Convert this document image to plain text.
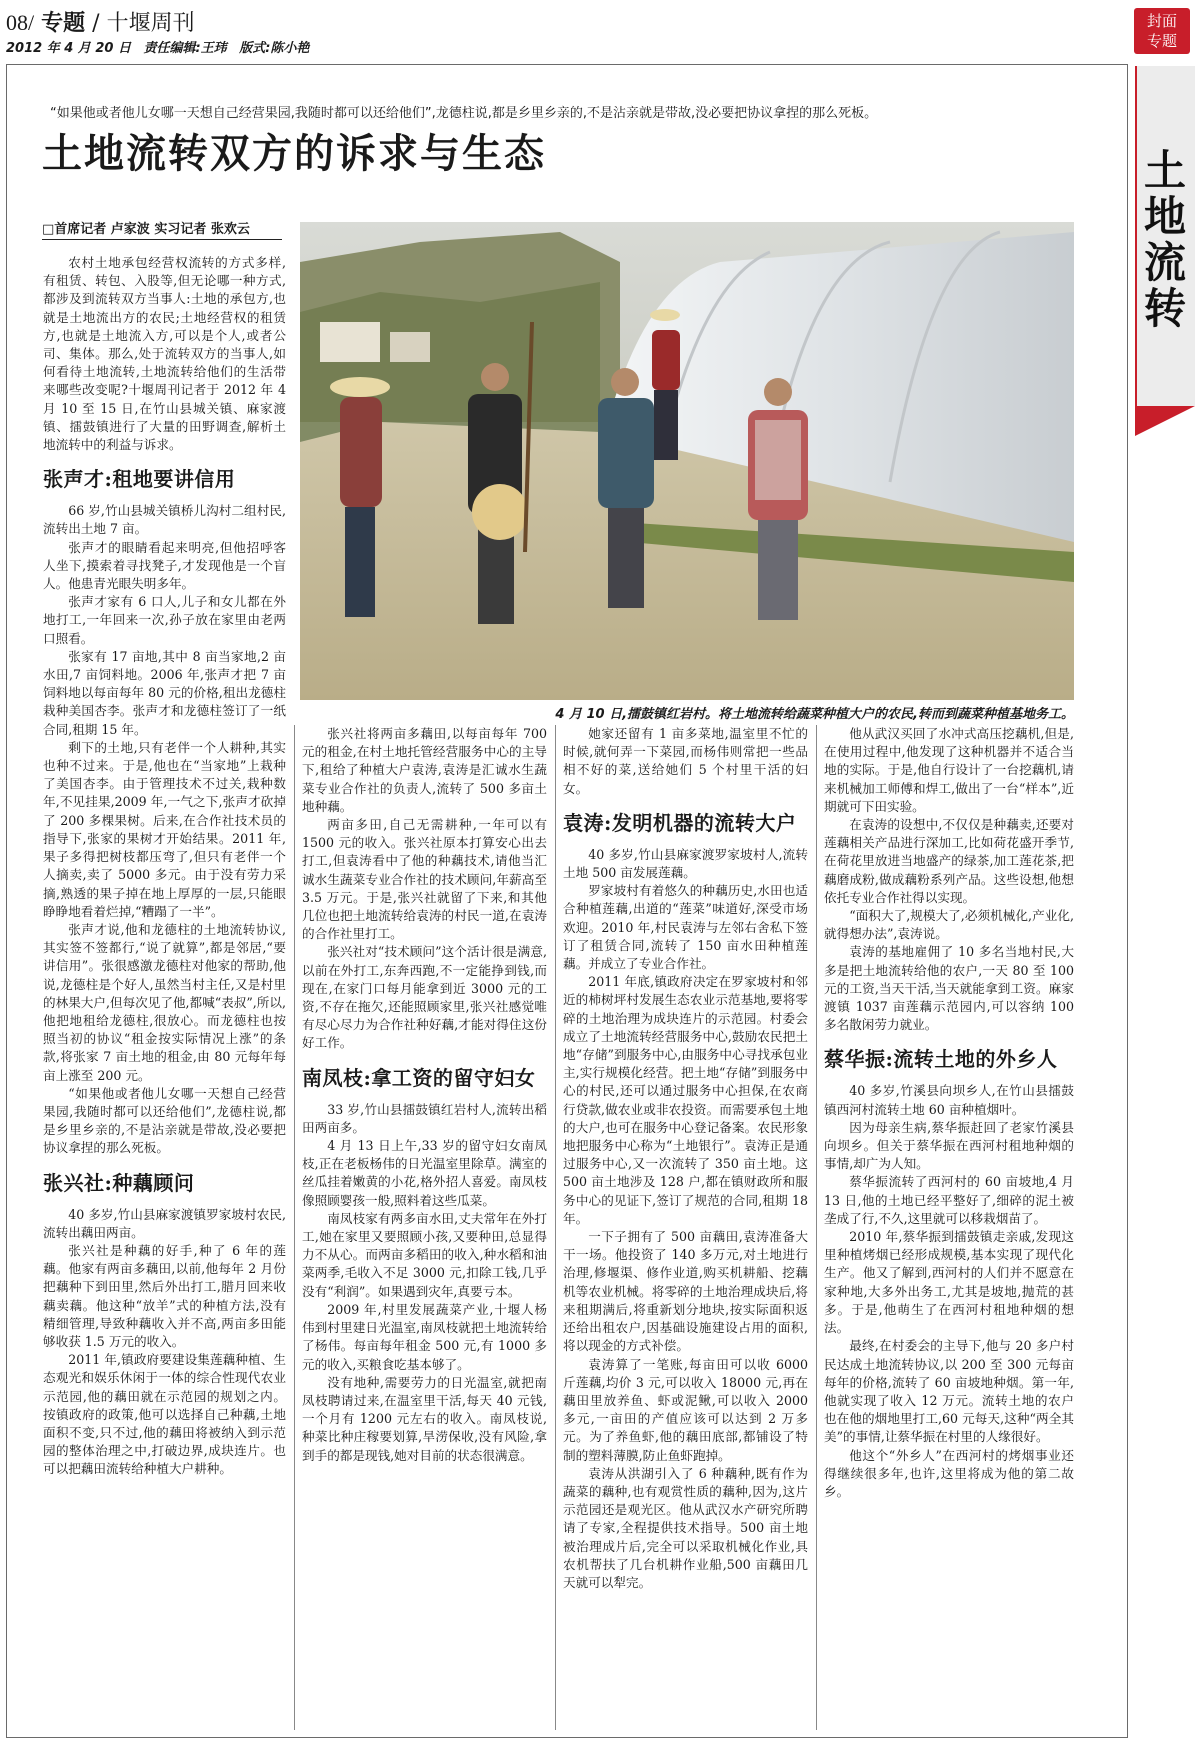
08/ 专题 / 十堰周刊
2012 年 4 月 20 日 责任编辑:王玮 版式:陈小艳
封面
专题
土
地
流
转
“如果他或者他儿女哪一天想自己经营果园,我随时都可以还给他们”,龙德柱说,都是乡里乡亲的,不是沾亲就是带故,没必要把协议拿捏的那么死板。
土地流转双方的诉求与生态
□首席记者 卢家波 实习记者 张欢云
4 月 10 日,擂鼓镇红岩村。将土地流转给蔬菜种植大户的农民,转而到蔬菜种植基地务工。

农村土地承包经营权流转的方式多样,有租赁、转包、入股等,但无论哪一种方式,都涉及到流转双方当事人:土地的承包方,也就是土地流出方的农民;土地经营权的租赁方,也就是土地流入方,可以是个人,或者公司、集体。那么,处于流转双方的当事人,如何看待土地流转,土地流转给他们的生活带来哪些改变呢?十堰周刊记者于 2012 年 4 月 10 至 15 日,在竹山县城关镇、麻家渡镇、擂鼓镇进行了大量的田野调查,解析土地流转中的利益与诉求。

张声才:租地要讲信用

66 岁,竹山县城关镇桥儿沟村二组村民,流转出土地 7 亩。

张声才的眼睛看起来明亮,但他招呼客人坐下,摸索着寻找凳子,才发现他是一个盲人。他患青光眼失明多年。

张声才家有 6 口人,儿子和女儿都在外地打工,一年回来一次,孙子放在家里由老两口照看。

张家有 17 亩地,其中 8 亩当家地,2 亩水田,7 亩饲料地。2006 年,张声才把 7 亩饲料地以每亩每年 80 元的价格,租出龙德柱栽种美国杏李。张声才和龙德柱签订了一纸合同,租期 15 年。

剩下的土地,只有老伴一个人耕种,其实也种不过来。于是,他也在“当家地”上栽种了美国杏李。由于管理技术不过关,栽种数年,不见挂果,2009 年,一气之下,张声才砍掉了 200 多棵果树。后来,在合作社技术员的指导下,张家的果树才开始结果。2011 年,果子多得把树枝都压弯了,但只有老伴一个人摘卖,卖了 5000 多元。由于没有劳力采摘,熟透的果子掉在地上厚厚的一层,只能眼睁睁地看着烂掉,“糟蹋了一半”。

张声才说,他和龙德柱的土地流转协议,其实签不签都行,“说了就算”,都是邻居,“要讲信用”。张很感激龙德柱对他家的帮助,他说,龙德柱是个好人,虽然当村主任,又是村里的林果大户,但每次见了他,都喊“表叔”,所以,他把地租给龙德柱,很放心。而龙德柱也按照当初的协议“租金按实际情况上涨”的条款,将张家 7 亩土地的租金,由 80 元每年每亩上涨至 200 元。

“如果他或者他儿女哪一天想自己经营果园,我随时都可以还给他们”,龙德柱说,都是乡里乡亲的,不是沾亲就是带故,没必要把协议拿捏的那么死板。

张兴社:种藕顾问

40 多岁,竹山县麻家渡镇罗家坡村农民,流转出藕田两亩。

张兴社是种藕的好手,种了 6 年的莲藕。他家有两亩多藕田,以前,他每年 2 月份把藕种下到田里,然后外出打工,腊月回来收藕卖藕。他这种“放羊”式的种植方法,没有精细管理,导致种藕收入并不高,两亩多田能够收获 1.5 万元的收入。

2011 年,镇政府要建设集莲藕种植、生态观光和娱乐休闲于一体的综合性现代农业示范园,他的藕田就在示范园的规划之内。按镇政府的政策,他可以选择自己种藕,土地面积不变,只不过,他的藕田将被纳入到示范园的整体治理之中,打破边界,成块连片。也可以把藕田流转给种植大户耕种。

张兴社将两亩多藕田,以每亩每年 700 元的租金,在村土地托管经营服务中心的主导下,租给了种植大户袁涛,袁涛是汇诚水生蔬菜专业合作社的负责人,流转了 500 多亩土地种藕。

两亩多田,自己无需耕种,一年可以有 1500 元的收入。张兴社原本打算安心出去打工,但袁涛看中了他的种藕技术,请他当汇诚水生蔬菜专业合作社的技术顾问,年薪高至 3.5 万元。于是,张兴社就留了下来,和其他几位也把土地流转给袁涛的村民一道,在袁涛的合作社里打工。

张兴社对“技术顾问”这个活计很是满意,以前在外打工,东奔西跑,不一定能挣到钱,而现在,在家门口每月能拿到近 3000 元的工资,不存在拖欠,还能照顾家里,张兴社感觉唯有尽心尽力为合作社种好藕,才能对得住这份好工作。

南凤枝:拿工资的留守妇女

33 岁,竹山县擂鼓镇红岩村人,流转出稻田两亩多。

4 月 13 日上午,33 岁的留守妇女南凤枝,正在老板杨伟的日光温室里除草。满室的丝瓜挂着嫩黄的小花,格外招人喜爱。南凤枝像照顾婴孩一般,照料着这些瓜菜。

南凤枝家有两多亩水田,丈夫常年在外打工,她在家里又要照顾小孩,又要种田,总显得力不从心。而两亩多稻田的收入,种水稻和油菜两季,毛收入不足 3000 元,扣除工钱,几乎没有“利润”。如果遇到灾年,真要亏本。

2009 年,村里发展蔬菜产业,十堰人杨伟到村里建日光温室,南凤枝就把土地流转给了杨伟。每亩每年租金 500 元,有 1000 多元的收入,买粮食吃基本够了。

没有地种,需要劳力的日光温室,就把南凤枝聘请过来,在温室里干活,每天 40 元钱,一个月有 1200 元左右的收入。南凤枝说,种菜比种庄稼要划算,旱涝保收,没有风险,拿到手的都是现钱,她对目前的状态很满意。

她家还留有 1 亩多菜地,温室里不忙的时候,就何弄一下菜园,而杨伟则常把一些品相不好的菜,送给她们 5 个村里干活的妇女。

袁涛:发明机器的流转大户

40 多岁,竹山县麻家渡罗家坡村人,流转土地 500 亩发展莲藕。

罗家坡村有着悠久的种藕历史,水田也适合种植莲藕,出道的“莲菜”味道好,深受市场欢迎。2010 年,村民袁涛与左邻右舍私下签订了租赁合同,流转了 150 亩水田种植莲藕。并成立了专业合作社。

2011 年底,镇政府决定在罗家坡村和邻近的柿树坪村发展生态农业示范基地,要将零碎的土地治理为成块连片的示范园。村委会成立了土地流转经营服务中心,鼓励农民把土地“存储”到服务中心,由服务中心寻找承包业主,实行规模化经营。把土地“存储”到服务中心的村民,还可以通过服务中心担保,在农商行贷款,做农业或非农投资。而需要承包土地的大户,也可在服务中心登记备案。农民形象地把服务中心称为“土地银行”。袁涛正是通过服务中心,又一次流转了 350 亩土地。这 500 亩土地涉及 128 户,都在镇财政所和服务中心的见证下,签订了规范的合同,租期 18 年。

一下子拥有了 500 亩藕田,袁涛准备大干一场。他投资了 140 多万元,对土地进行治理,修堰渠、修作业道,购买机耕船、挖藕机等农业机械。将零碎的土地治理成块后,将来租期满后,将重新划分地块,按实际面积返还给出租农户,因基础设施建设占用的面积,将以现金的方式补偿。

袁涛算了一笔账,每亩田可以收 6000 斤莲藕,均价 3 元,可以收入 18000 元,再在藕田里放养鱼、虾或泥鳅,可以收入 2000 多元,一亩田的产值应该可以达到 2 万多元。为了养鱼虾,他的藕田底部,都铺设了特制的塑料薄膜,防止鱼虾跑掉。

袁涛从洪湖引入了 6 种藕种,既有作为蔬菜的藕种,也有观赏性质的藕种,因为,这片示范园还是观光区。他从武汉水产研究所聘请了专家,全程提供技术指导。500 亩土地被治理成片后,完全可以采取机械化作业,具农机帮扶了几台机耕作业船,500 亩藕田几天就可以犁完。

他从武汉买回了水冲式高压挖藕机,但是,在使用过程中,他发现了这种机器并不适合当地的实际。于是,他自行设计了一台挖藕机,请来机械加工师傅和焊工,做出了一台“样本”,近期就可下田实验。

在袁涛的设想中,不仅仅是种藕卖,还要对莲藕相关产品进行深加工,比如荷花盛开季节,在荷花里放进当地盛产的绿茶,加工莲花茶,把藕磨成粉,做成藕粉系列产品。这些设想,他想依托专业合作社得以实现。

“面积大了,规模大了,必须机械化,产业化,就得想办法”,袁涛说。

袁涛的基地雇佣了 10 多名当地村民,大多是把土地流转给他的农户,一天 80 至 100 元的工资,当天干活,当天就能拿到工资。麻家渡镇 1037 亩莲藕示范园内,可以容纳 100 多名散闲劳力就业。

蔡华振:流转土地的外乡人

40 多岁,竹溪县向坝乡人,在竹山县擂鼓镇西河村流转土地 60 亩种植烟叶。

因为母亲生病,蔡华振赶回了老家竹溪县向坝乡。但关于蔡华振在西河村租地种烟的事情,却广为人知。

蔡华振流转了西河村的 60 亩坡地,4 月 13 日,他的土地已经平整好了,细碎的泥土被垄成了行,不久,这里就可以移栽烟苗了。

2010 年,蔡华振到擂鼓镇走亲戚,发现这里种植烤烟已经形成规模,基本实现了现代化生产。他又了解到,西河村的人们并不愿意在家种地,大多外出务工,尤其是坡地,抛荒的甚多。于是,他萌生了在西河村租地种烟的想法。

最终,在村委会的主导下,他与 20 多户村民达成土地流转协议,以 200 至 300 元每亩每年的价格,流转了 60 亩坡地种烟。第一年,他就实现了收入 12 万元。流转土地的农户也在他的烟地里打工,60 元每天,这种“两全其美”的事情,让蔡华振在村里的人缘很好。

他这个“外乡人”在西河村的烤烟事业还得继续很多年,也许,这里将成为他的第二故乡。
